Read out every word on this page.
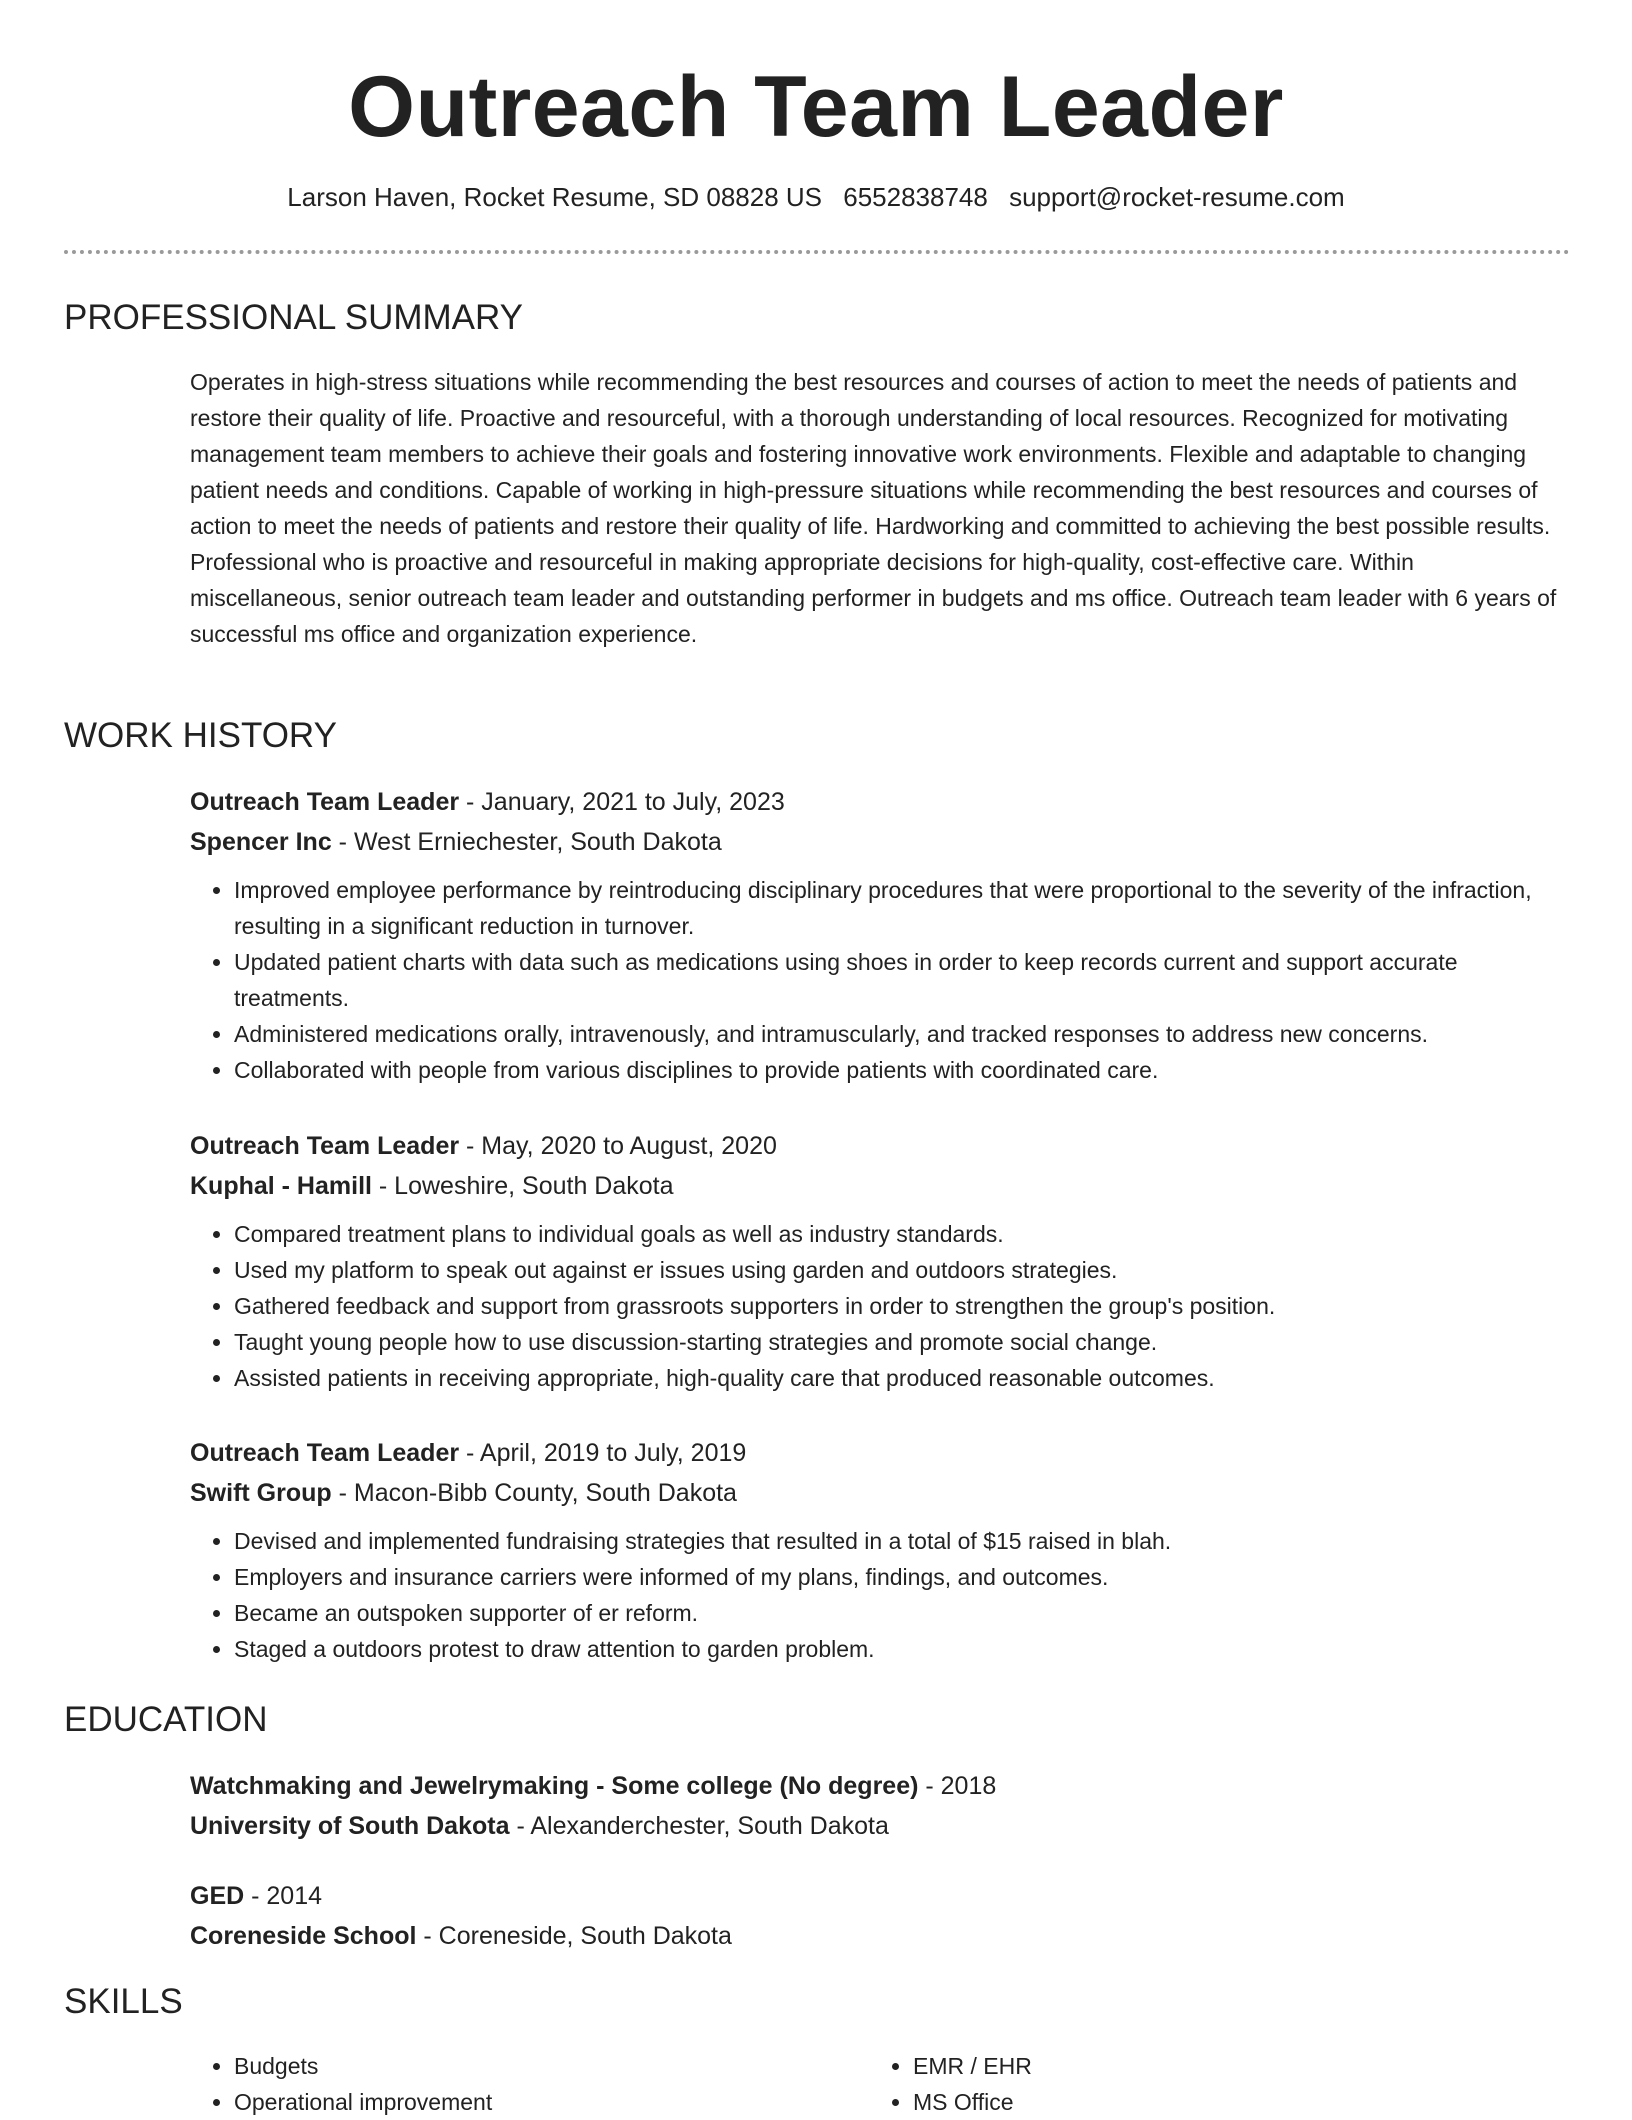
Outreach Team Leader
Larson Haven, Rocket Resume, SD 08828 US 6552838748 support@rocket-resume.com
PROFESSIONAL SUMMARY

Operates in high-stress situations while recommending the best resources and courses of action to meet the needs of patients and restore their quality of life. Proactive and resourceful, with a thorough understanding of local resources. Recognized for motivating management team members to achieve their goals and fostering innovative work environments. Flexible and adaptable to changing patient needs and conditions. Capable of working in high-pressure situations while recommending the best resources and courses of action to meet the needs of patients and restore their quality of life. Hardworking and committed to achieving the best possible results. Professional who is proactive and resourceful in making appropriate decisions for high-quality, cost-effective care. Within miscellaneous, senior outreach team leader and outstanding performer in budgets and ms office. Outreach team leader with 6 years of successful ms office and organization experience.

WORK HISTORY
Outreach Team Leader - January, 2021 to July, 2023
Spencer Inc - West Erniechester, South Dakota
• Improved employee performance by reintroducing disciplinary procedures that were proportional to the severity of the infraction, resulting in a significant reduction in turnover.
• Updated patient charts with data such as medications using shoes in order to keep records current and support accurate treatments.
• Administered medications orally, intravenously, and intramuscularly, and tracked responses to address new concerns.
• Collaborated with people from various disciplines to provide patients with coordinated care.
Outreach Team Leader - May, 2020 to August, 2020
Kuphal - Hamill - Loweshire, South Dakota
• Compared treatment plans to individual goals as well as industry standards.
• Used my platform to speak out against er issues using garden and outdoors strategies.
• Gathered feedback and support from grassroots supporters in order to strengthen the group's position.
• Taught young people how to use discussion-starting strategies and promote social change.
• Assisted patients in receiving appropriate, high-quality care that produced reasonable outcomes.
Outreach Team Leader - April, 2019 to July, 2019
Swift Group - Macon-Bibb County, South Dakota
• Devised and implemented fundraising strategies that resulted in a total of $15 raised in blah.
• Employers and insurance carriers were informed of my plans, findings, and outcomes.
• Became an outspoken supporter of er reform.
• Staged a outdoors protest to draw attention to garden problem.
EDUCATION
Watchmaking and Jewelrymaking - Some college (No degree) - 2018
University of South Dakota - Alexanderchester, South Dakota
GED - 2014
Coreneside School - Coreneside, South Dakota
SKILLS
• Budgets
• Operational improvement
• EMR / EHR
• MS Office
